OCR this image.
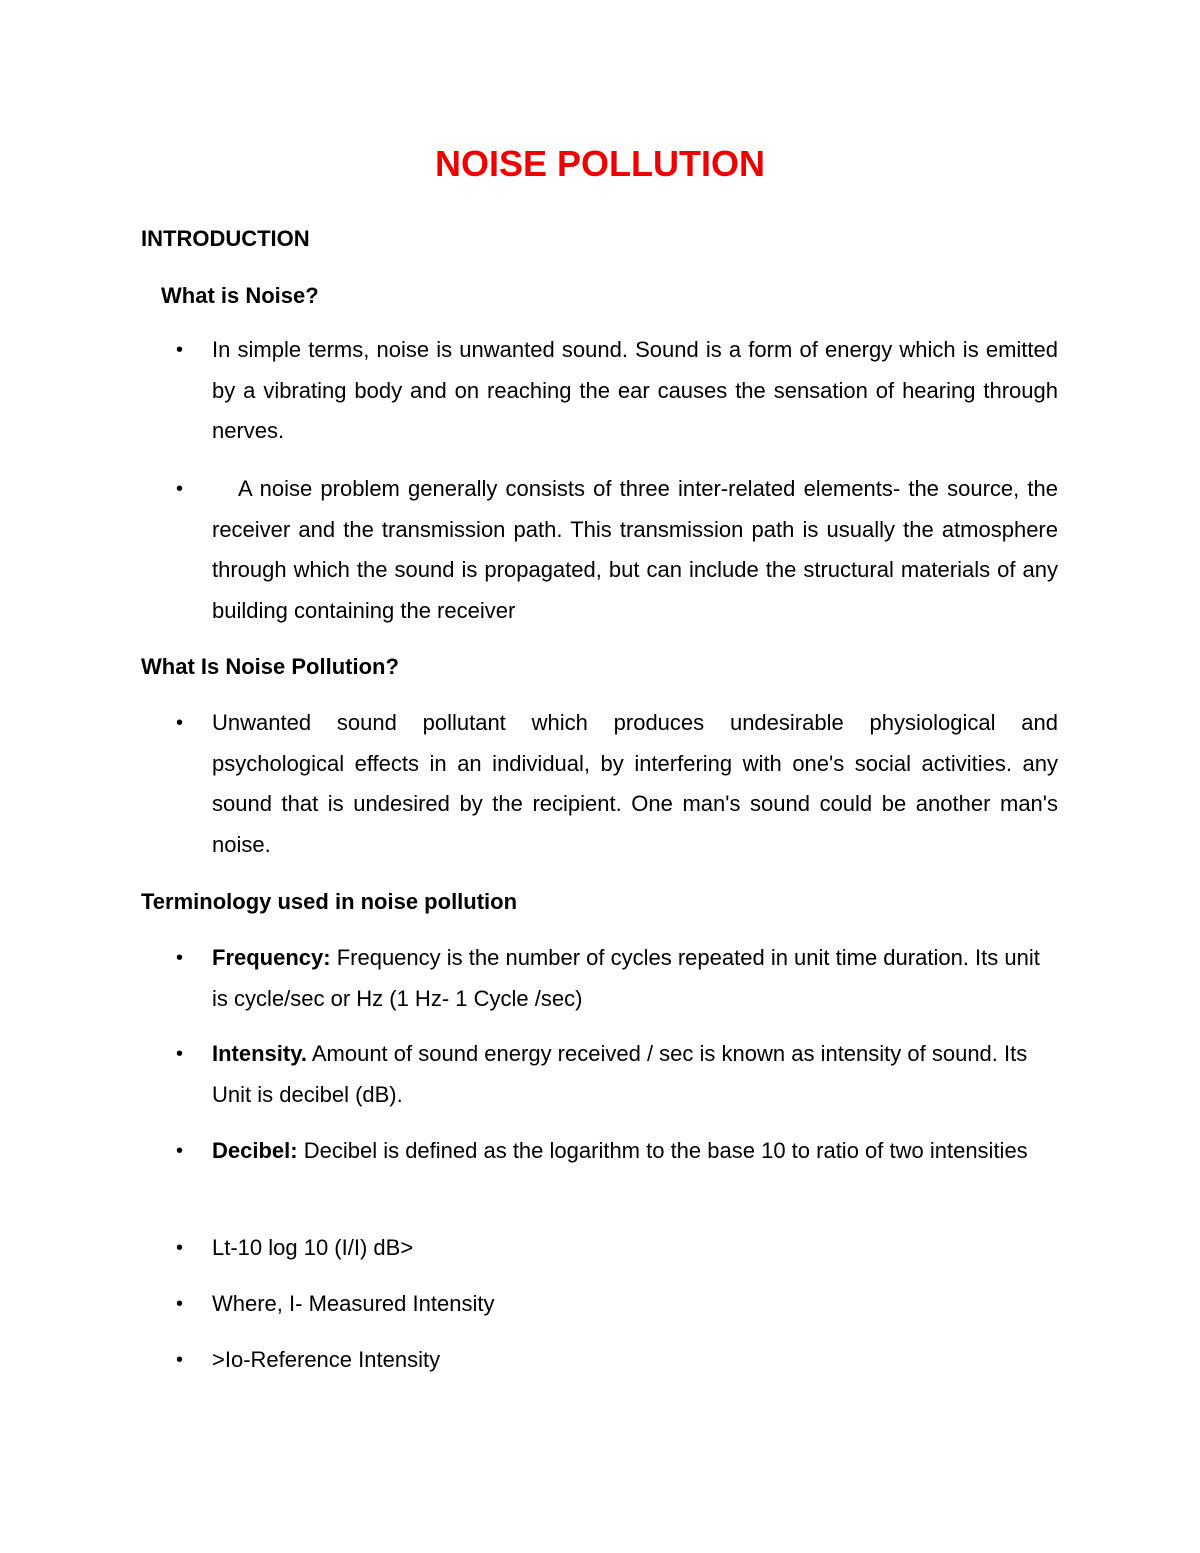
NOISE POLLUTION
INTRODUCTION
What is Noise?
•	In simple terms, noise is unwanted sound. Sound is a form of energy which is emitted by a vibrating body and on reaching the ear causes the sensation of hearing through nerves.

•	A noise problem generally consists of three inter-related elements- the source, the receiver and the transmission path. This transmission path is usually the atmosphere through which the sound is propagated, but can include the structural materials of any building containing the receiver

What Is Noise Pollution?
•	Unwanted sound pollutant which produces undesirable physiological and psychological effects in an individual, by interfering with one's social activities. any sound that is undesired by the recipient. One man's sound could be another man's noise.

Terminology used in noise pollution
•	Frequency: Frequency is the number of cycles repeated in unit time duration. Its unit is cycle/sec or Hz (1 Hz- 1 Cycle /sec)

•	Intensity. Amount of sound energy received / sec is known as intensity of sound. Its Unit is decibel (dB).

•	Decibel: Decibel is defined as the logarithm to the base 10 to ratio of two intensities

•	Lt-10 log 10 (I/I) dB>

•	Where, I- Measured Intensity

•	>Io-Reference Intensity
